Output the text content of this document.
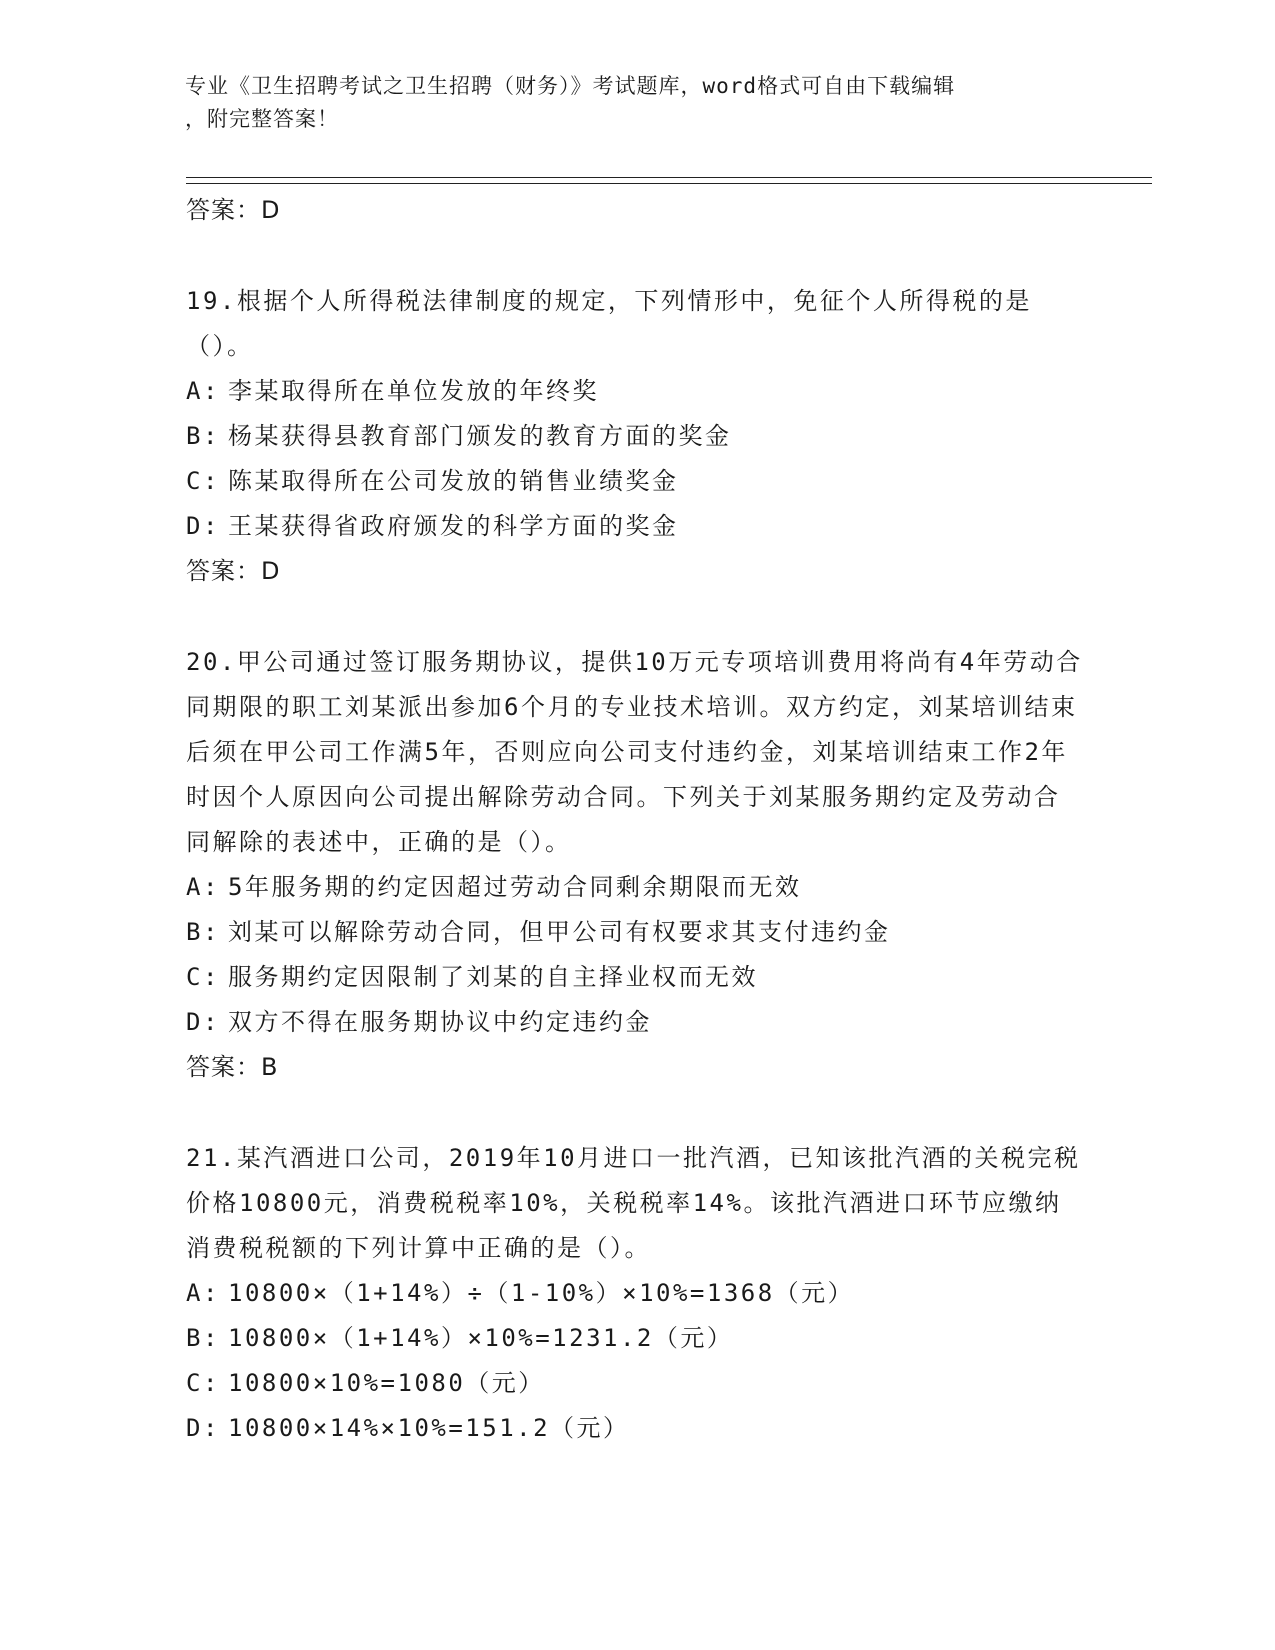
专业《卫生招聘考试之卫生招聘（财务）》考试题库，word格式可自由下载编辑
，附完整答案！
答案：D

19.根据个人所得税法律制度的规定，下列情形中，免征个人所得税的是（）。

A: 李某取得所在单位发放的年终奖
B: 杨某获得县教育部门颁发的教育方面的奖金
C: 陈某取得所在公司发放的销售业绩奖金
D: 王某获得省政府颁发的科学方面的奖金
答案：D

20.甲公司通过签订服务期协议，提供10万元专项培训费用将尚有4年劳动合同期限的职工刘某派出参加6个月的专业技术培训。双方约定，刘某培训结束后须在甲公司工作满5年，否则应向公司支付违约金，刘某培训结束工作2年时因个人原因向公司提出解除劳动合同。下列关于刘某服务期约定及劳动合同解除的表述中，正确的是（）。

A: 5年服务期的约定因超过劳动合同剩余期限而无效
B: 刘某可以解除劳动合同，但甲公司有权要求其支付违约金
C: 服务期约定因限制了刘某的自主择业权而无效
D: 双方不得在服务期协议中约定违约金
答案：B

21.某汽酒进口公司，2019年10月进口一批汽酒，已知该批汽酒的关税完税价格10800元，消费税税率10%，关税税率14%。该批汽酒进口环节应缴纳消费税税额的下列计算中正确的是（）。

A: 10800×（1+14%）÷（1-10%）×10%=1368（元）
B: 10800×（1+14%）×10%=1231.2（元）
C: 10800×10%=1080（元）
D: 10800×14%×10%=151.2（元）
